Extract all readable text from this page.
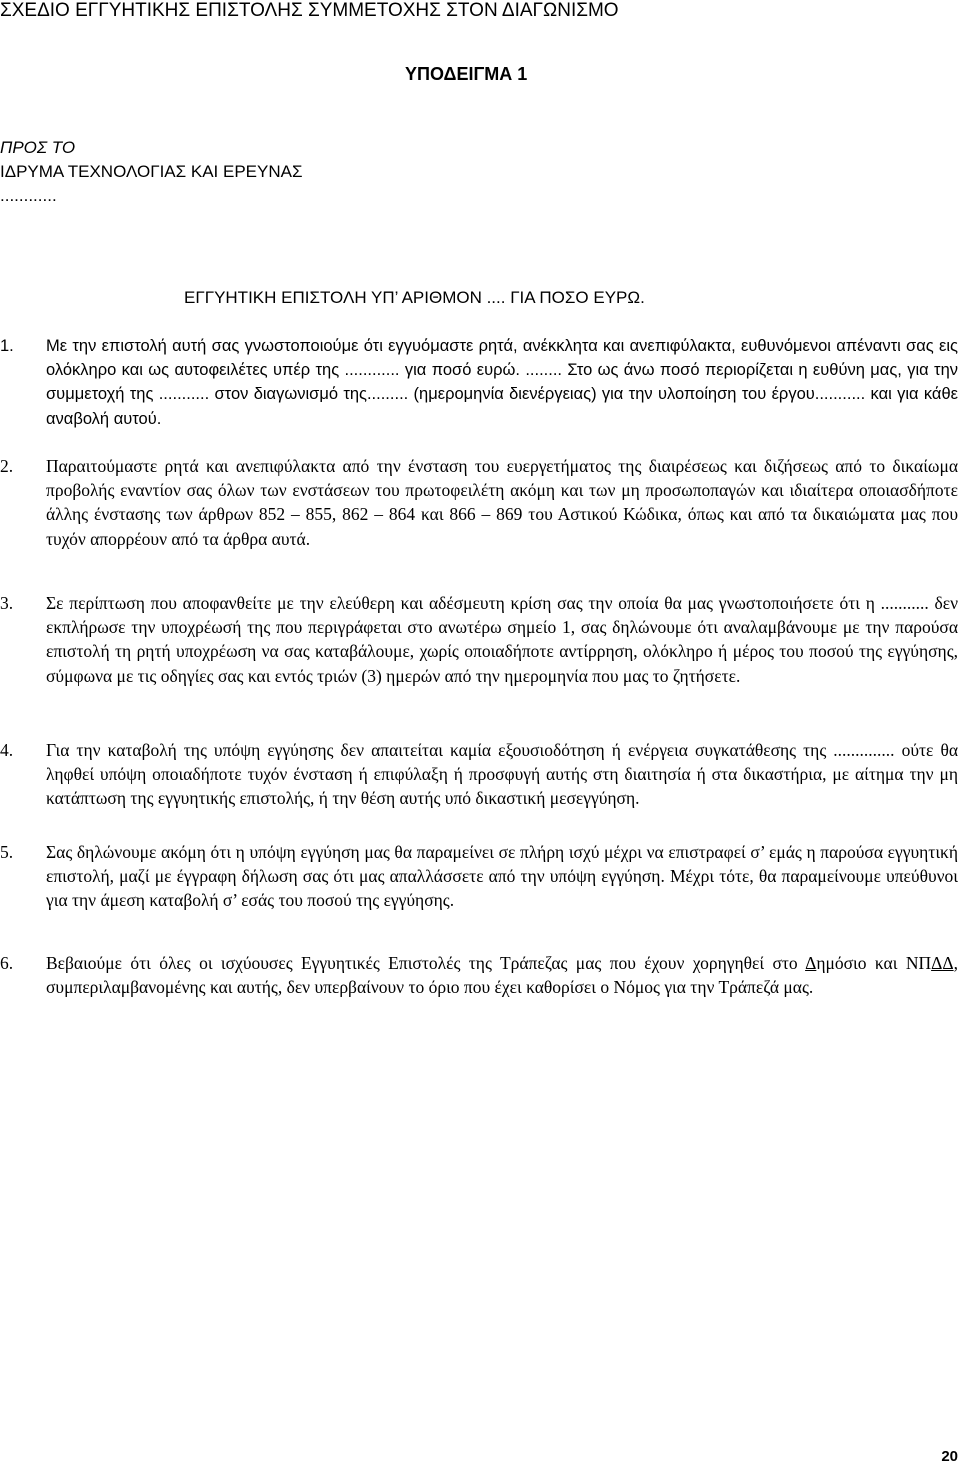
ΣΧΕΔΙΟ ΕΓΓΥΗΤΙΚΗΣ ΕΠΙΣΤΟΛΗΣ ΣΥΜΜΕΤΟΧΗΣ ΣΤΟΝ ΔΙΑΓΩΝΙΣΜΟ
ΥΠΟΔΕΙΓΜΑ 1
ΠΡΟΣ ΤΟ
ΙΔΡΥΜΑ ΤΕΧΝΟΛΟΓΙΑΣ ΚΑΙ ΕΡΕΥΝΑΣ
............
ΕΓΓΥΗΤΙΚΗ ΕΠΙΣΤΟΛΗ ΥΠ’ ΑΡΙΘΜΟΝ .... ΓΙΑ ΠΟΣΟ ΕΥΡΩ.
1. Με την επιστολή αυτή σας γνωστοποιούμε ότι εγγυόμαστε ρητά, ανέκκλητα και ανεπιφύλακτα, ευθυνόμενοι απέναντι σας εις ολόκληρο και ως αυτοφειλέτες υπέρ της ............ για ποσό ευρώ. ........ Στο ως άνω ποσό περιορίζεται η ευθύνη μας, για την συμμετοχή της ........... στον διαγωνισμό της......... (ημερομηνία διενέργειας) για την υλοποίηση του έργου........... και για κάθε αναβολή αυτού.
2. Παραιτούμαστε ρητά και ανεπιφύλακτα από την ένσταση του ευεργετήματος της διαιρέσεως και διζήσεως από το δικαίωμα προβολής εναντίον σας όλων των ενστάσεων του πρωτοφειλέτη ακόμη και των μη προσωποπαγών και ιδιαίτερα οποιασδήποτε άλλης ένστασης των άρθρων 852 – 855, 862 – 864 και 866 – 869 του Αστικού Κώδικα, όπως και από τα δικαιώματα μας που τυχόν απορρέουν από τα άρθρα αυτά.
3. Σε περίπτωση που αποφανθείτε με την ελεύθερη και αδέσμευτη κρίση σας την οποία θα μας γνωστοποιήσετε ότι η ........... δεν εκπλήρωσε την υποχρέωσή της που περιγράφεται στο ανωτέρω σημείο 1, σας δηλώνουμε ότι αναλαμβάνουμε με την παρούσα επιστολή τη ρητή υποχρέωση να σας καταβάλουμε, χωρίς οποιαδήποτε αντίρρηση, ολόκληρο ή μέρος του ποσού της εγγύησης, σύμφωνα με τις οδηγίες σας και εντός τριών (3) ημερών από την ημερομηνία που μας το ζητήσετε.
4. Για την καταβολή της υπόψη εγγύησης δεν απαιτείται καμία εξουσιοδότηση ή ενέργεια συγκατάθεσης της .............. ούτε θα ληφθεί υπόψη οποιαδήποτε τυχόν ένσταση ή επιφύλαξη ή προσφυγή αυτής στη διαιτησία ή στα δικαστήρια, με αίτημα την μη κατάπτωση της εγγυητικής επιστολής, ή την θέση αυτής υπό δικαστική μεσεγγύηση.
5. Σας δηλώνουμε ακόμη ότι η υπόψη εγγύηση μας θα παραμείνει σε πλήρη ισχύ μέχρι να επιστραφεί σ’ εμάς η παρούσα εγγυητική επιστολή, μαζί με έγγραφη δήλωση σας ότι μας απαλλάσσετε από την υπόψη εγγύηση. Μέχρι τότε, θα παραμείνουμε υπεύθυνοι για την άμεση καταβολή σ’ εσάς του ποσού της εγγύησης.
6. Βεβαιούμε ότι όλες οι ισχύουσες Εγγυητικές Επιστολές της Τράπεζας μας που έχουν χορηγηθεί στο Δημόσιο και ΝΠΔΔ, συμπεριλαμβανομένης και αυτής, δεν υπερβαίνουν το όριο που έχει καθορίσει ο Νόμος για την Τράπεζά μας.
20
